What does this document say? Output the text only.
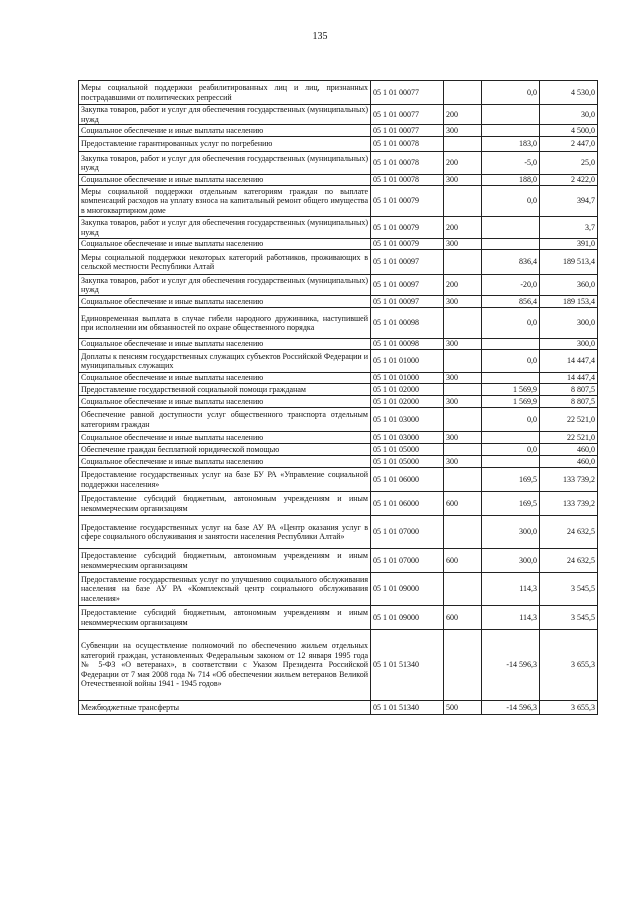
135
Меры социальной поддержки реабилитированных лиц и лиц, признанных пострадавшими от политических репрессий	05 1 01 00077		0,0	4 530,0
Закупка товаров, работ и услуг для обеспечения государственных (муниципальных) нужд	05 1 01 00077	200		30,0
Социальное обеспечение и иные выплаты населению	05 1 01 00077	300		4 500,0
Предоставление гарантированных услуг по погребению	05 1 01 00078		183,0	2 447,0
Закупка товаров, работ и услуг для обеспечения государственных (муниципальных) нужд	05 1 01 00078	200	-5,0	25,0
Социальное обеспечение и иные выплаты населению	05 1 01 00078	300	188,0	2 422,0
Меры социальной поддержки отдельным категориям граждан по выплате компенсаций расходов на уплату взноса на капитальный ремонт общего имущества в многоквартирном доме	05 1 01 00079		0,0	394,7
Закупка товаров, работ и услуг для обеспечения государственных (муниципальных) нужд	05 1 01 00079	200		3,7
Социальное обеспечение и иные выплаты населению	05 1 01 00079	300		391,0
Меры социальной поддержки некоторых категорий работников, проживающих в сельской местности Республики Алтай	05 1 01 00097		836,4	189 513,4
Закупка товаров, работ и услуг для обеспечения государственных (муниципальных) нужд	05 1 01 00097	200	-20,0	360,0
Социальное обеспечение и иные выплаты населению	05 1 01 00097	300	856,4	189 153,4
Единовременная выплата в случае гибели народного дружинника, наступившей при исполнении им обязанностей по охране общественного порядка	05 1 01 00098		0,0	300,0
Социальное обеспечение и иные выплаты населению	05 1 01 00098	300		300,0
Доплаты к пенсиям государственных служащих субъектов Российской Федерации и муниципальных служащих	05 1 01 01000		0,0	14 447,4
Социальное обеспечение и иные выплаты населению	05 1 01 01000	300		14 447,4
Предоставление государственной социальной помощи гражданам	05 1 01 02000		1 569,9	8 807,5
Социальное обеспечение и иные выплаты населению	05 1 01 02000	300	1 569,9	8 807,5
Обеспечение равной доступности услуг общественного транспорта отдельным категориям граждан	05 1 01 03000		0,0	22 521,0
Социальное обеспечение и иные выплаты населению	05 1 01 03000	300		22 521,0
Обеспечение граждан бесплатной юридической помощью	05 1 01 05000		0,0	460,0
Социальное обеспечение и иные выплаты населению	05 1 01 05000	300		460,0
Предоставление государственных услуг на базе БУ РА «Управление социальной поддержки населения»	05 1 01 06000		169,5	133 739,2
Предоставление субсидий бюджетным, автономным учреждениям и иным некоммерческим организациям	05 1 01 06000	600	169,5	133 739,2
Предоставление государственных услуг на базе АУ РА «Центр оказания услуг в сфере социального обслуживания и занятости населения Республики Алтай»	05 1 01 07000		300,0	24 632,5
Предоставление субсидий бюджетным, автономным учреждениям и иным некоммерческим организациям	05 1 01 07000	600	300,0	24 632,5
Предоставление государственных услуг по улучшению социального обслуживания населения на базе АУ РА «Комплексный центр социального обслуживания населения»	05 1 01 09000		114,3	3 545,5
Предоставление субсидий бюджетным, автономным учреждениям и иным некоммерческим организациям	05 1 01 09000	600	114,3	3 545,5
Субвенции на осуществление полномочий по обеспечению жильем отдельных категорий граждан, установленных Федеральным законом от 12 января 1995 года № 5-ФЗ «О ветеранах», в соответствии с Указом Президента Российской Федерации от 7 мая 2008 года № 714 «Об обеспечении жильем ветеранов Великой Отечественной войны 1941 - 1945 годов»	05 1 01 51340		-14 596,3	3 655,3
Межбюджетные трансферты	05 1 01 51340	500	-14 596,3	3 655,3
